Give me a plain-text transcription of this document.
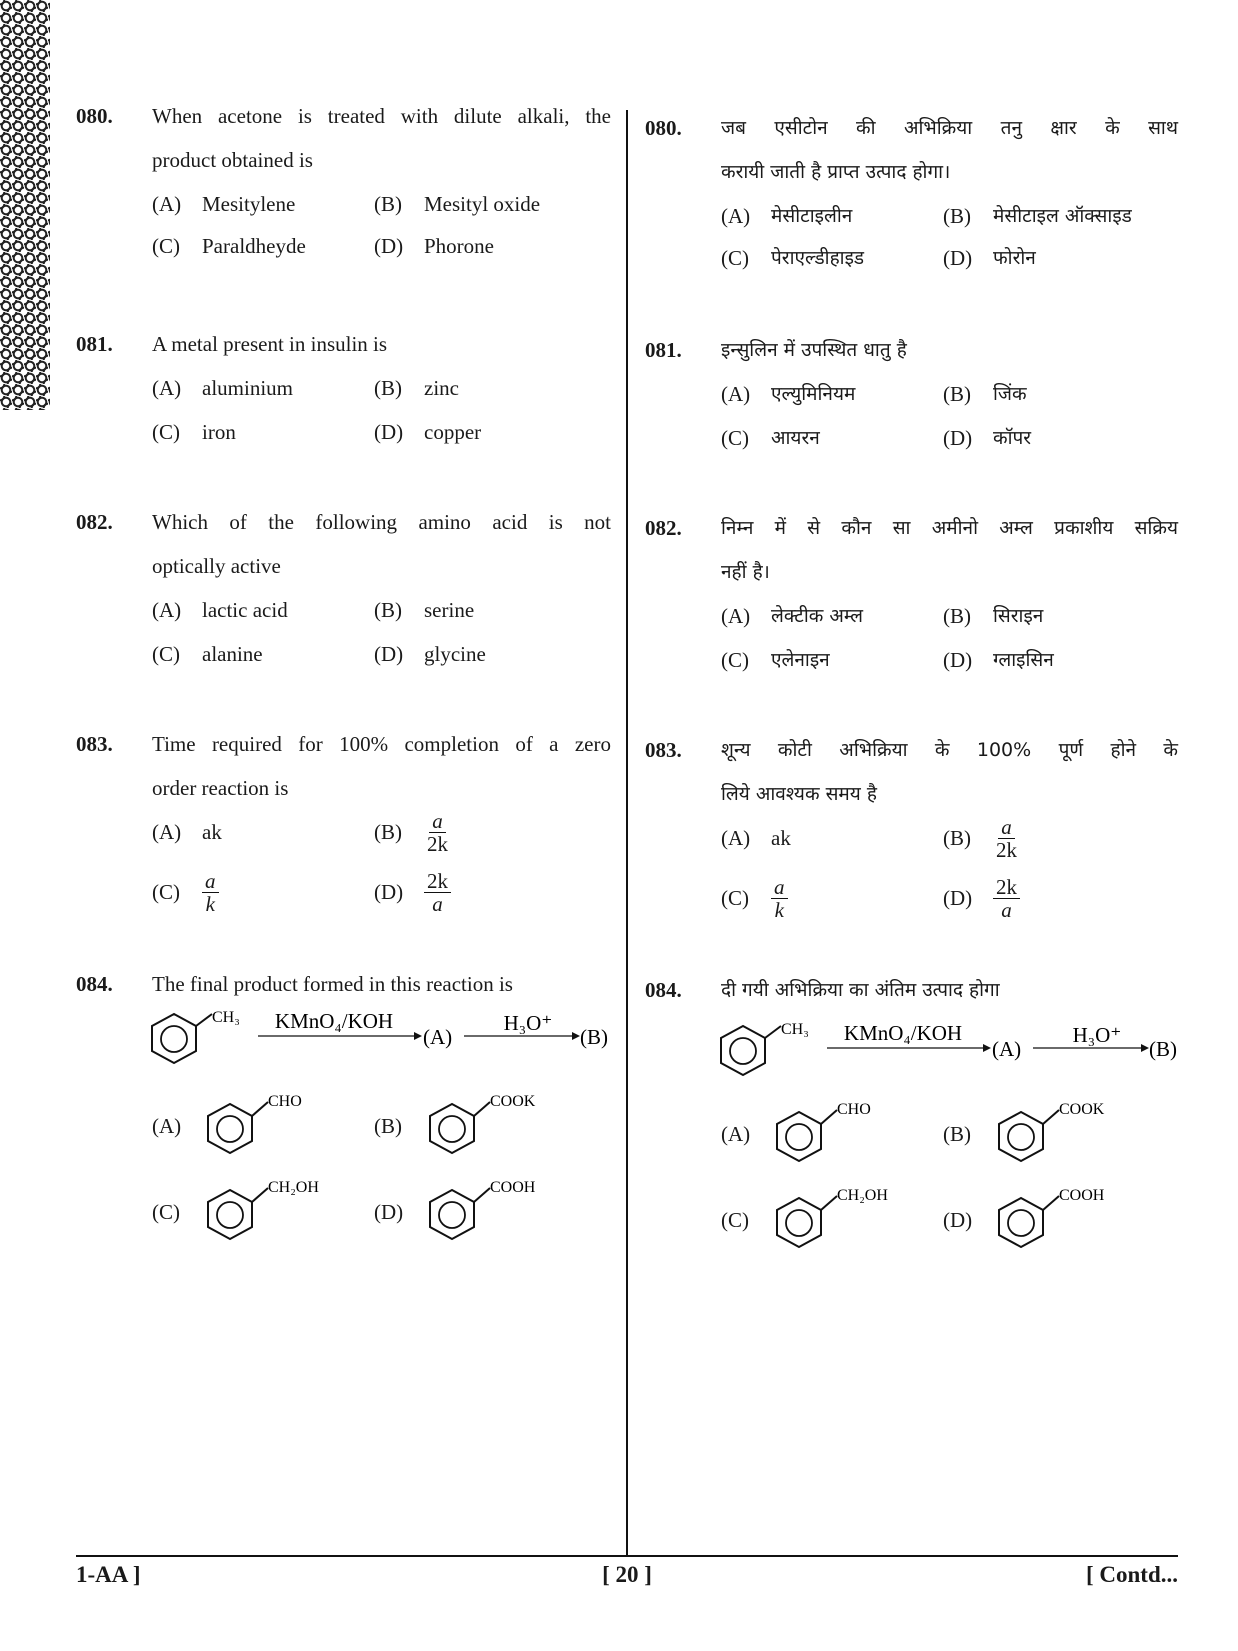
080. When acetone is treated with dilute alkali, the
product obtained is
(A) Mesitylene	(B)	Mesityl oxide
(C)	Paraldheyde	(D) Phorone
081. A metal present in insulin is
(A) aluminium	(B)	zinc
(C)	iron	(D) copper
082. Which of the following amino acid is not
optically active
(A) lactic acid	(B)	serine
(C)	alanine	(D) glycine
083. Time required for 100% completion of a zero
order reaction is
(A) ak	(B)	$\frac{a}{2k}$
(C)	$\frac{a}{k}$	$(D) \frac{2k}{a}$
084. The final product formed in this reaction is
CH₃ KMnO₄/KOH
(A)
H₃O⁺
(B)
(A)
CHO
(B)
COOK
(C)
CH₂OH
(D)
COOH
080. जब एसीटोन की अभिक्रिया तनु क्षार के साथ
करायी जाती है प्राप्त उत्पाद होगा।
(A)	मेसीटाइलीन	(B)	मेसीटाइल ऑक्साइड
(C)	पेराएल्डीहाइड	(D)	फोरोन
081. इन्सुलिन में उपस्थित धातु है
(A)	एल्युमिनियम	(B)	जिंक
(C)	आयरन	(D)	कॉपर
082. निम्न में से कौन सा अमीनो अम्ल प्रकाशीय सक्रिय
नहीं है।
(A)	लेक्टीक अम्ल	(B)	सिराइन
(C)	एलेनाइन	(D)	ग्लाइसिन
083. शून्य कोटी अभिक्रिया के 100% पूर्ण होने के
लिये आवश्यक समय है
(A) ak	(B)	$\frac{a}{2k}$
(C)	$\frac{a}{k}$	$(D) \frac{2k}{a}$
084. दी गयी अभिक्रिया का अंतिम उत्पाद होगा
CH₃ KMnO₄/KOH
(A)
H₃O⁺
(B)
(A)
CHO
(B)
COOK
(C)
CH₂OH
(D)
COOH
1-AA ]	[ 20 ]	[ Contd...
